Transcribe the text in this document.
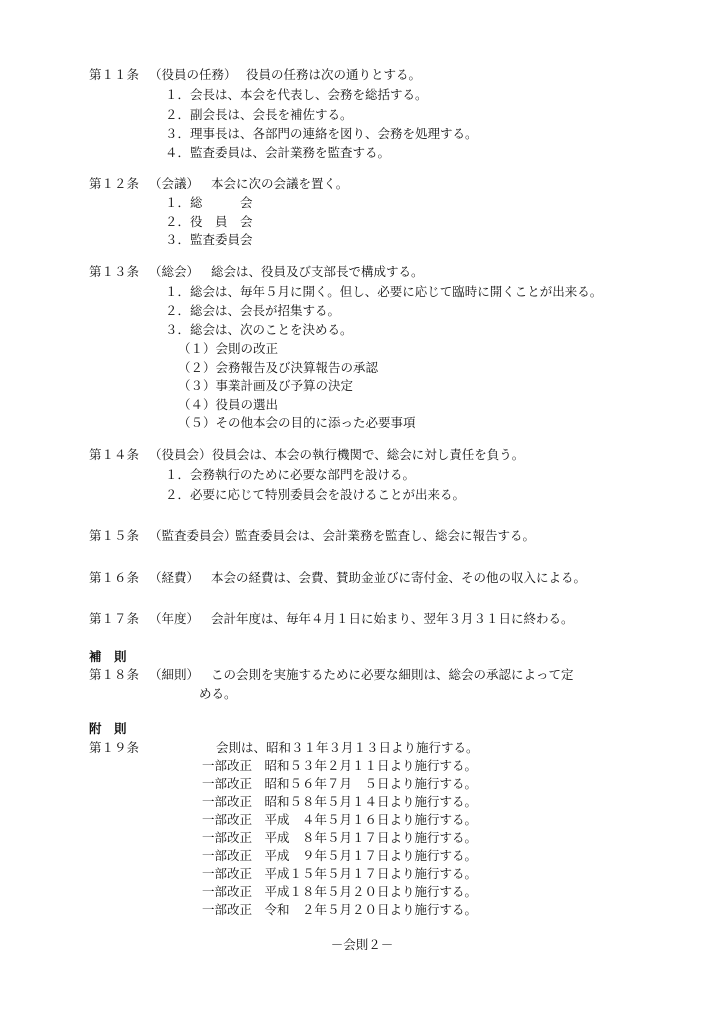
第１１条 （役員の任務） 役員の任務は次の通りとする。
１．会長は、本会を代表し、会務を総括する。
２．副会長は、会長を補佐する。
３．理事長は、各部門の連絡を図り、会務を処理する。
４．監査委員は、会計業務を監査する。
第１２条 （会議） 本会に次の会議を置く。
１．総　　　会
２．役　員　会
３．監査委員会
第１３条 （総会） 総会は、役員及び支部長で構成する。
１．総会は、毎年５月に開く。但し、必要に応じて臨時に開くことが出来る。
２．総会は、会長が招集する。
３．総会は、次のことを決める。
（１）会則の改正
（２）会務報告及び決算報告の承認
（３）事業計画及び予算の決定
（４）役員の選出
（５）その他本会の目的に添った必要事項
第１４条 （役員会）役員会は、本会の執行機関で、総会に対し責任を負う。
１．会務執行のために必要な部門を設ける。
２．必要に応じて特別委員会を設けることが出来る。
第１５条 （監査委員会）監査委員会は、会計業務を監査し、総会に報告する。
第１６条 （経費） 本会の経費は、会費、賛助金並びに寄付金、その他の収入による。
第１７条 （年度） 会計年度は、毎年４月１日に始まり、翌年３月３１日に終わる。
補　則
第１８条 （細則） この会則を実施するために必要な細則は、総会の承認によって定
める。
附　則
第１９条	会則は、昭和３１年３月１３日より施行する。
一部改正　昭和５３年２月１１日より施行する。
一部改正　昭和５６年７月　５日より施行する。
一部改正　昭和５８年５月１４日より施行する。
一部改正　平成　４年５月１６日より施行する。
一部改正　平成　８年５月１７日より施行する。
一部改正　平成　９年５月１７日より施行する。
一部改正　平成１５年５月１７日より施行する。
一部改正　平成１８年５月２０日より施行する。
一部改正　令和　２年５月２０日より施行する。
－会則２－
